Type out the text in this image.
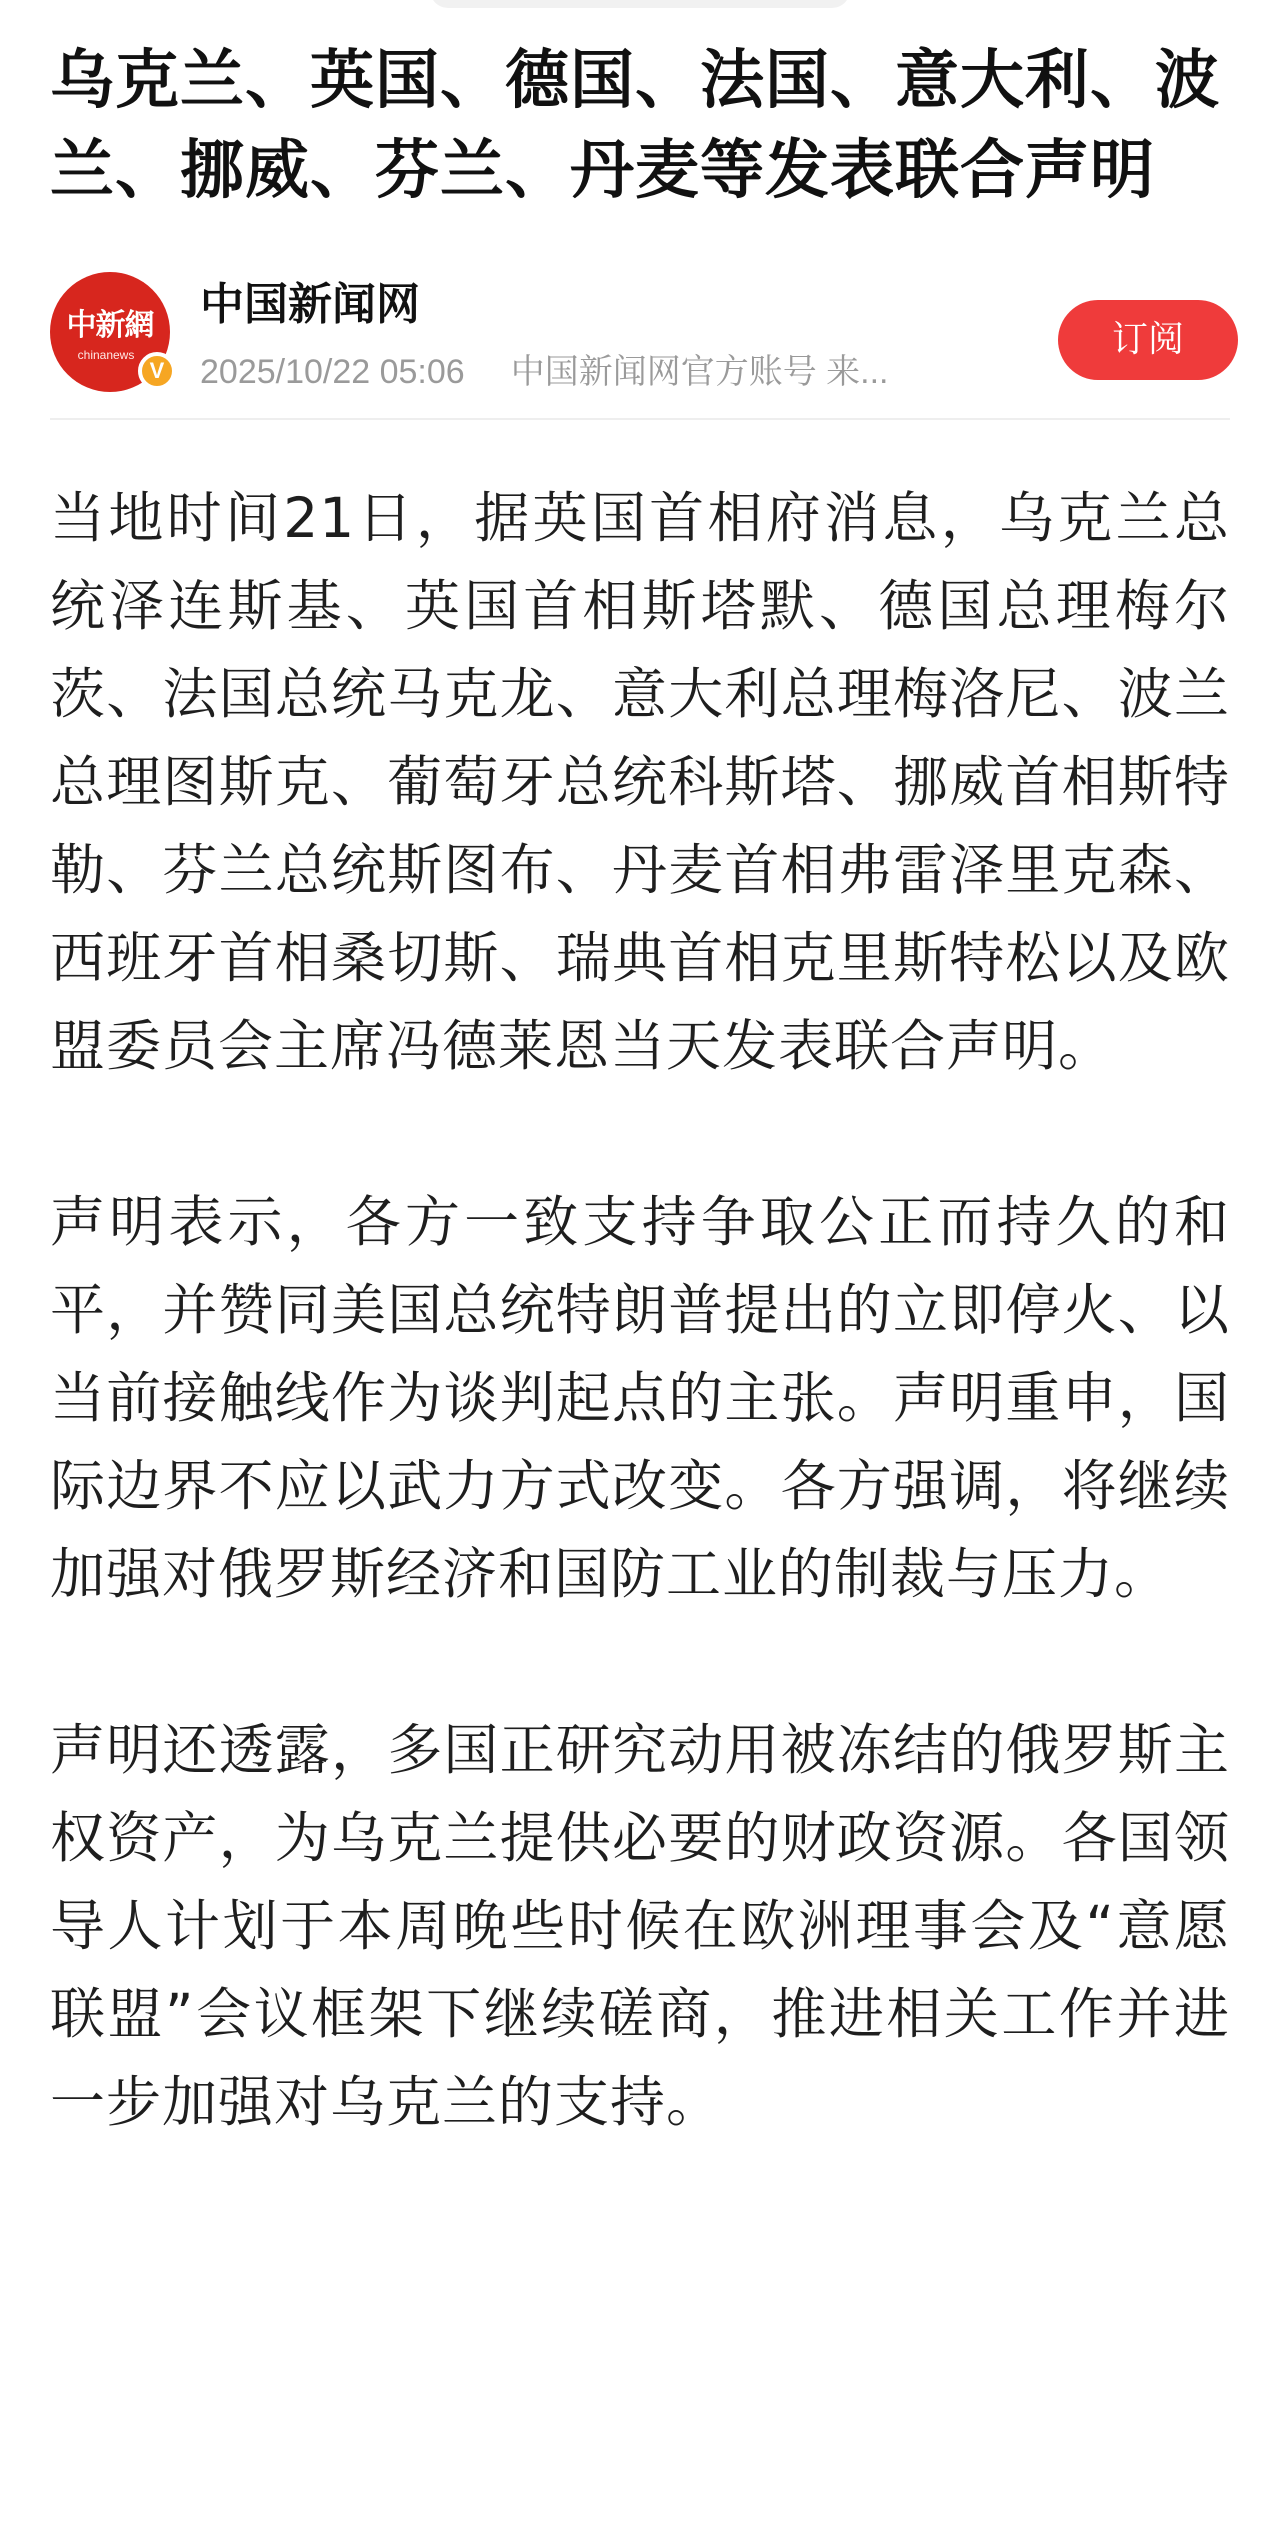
乌克兰、英国、德国、法国、意大利、波兰、挪威、芬兰、丹麦等发表联合声明
中新網
chinanews
V
中国新闻网
2025/10/22 05:06 中国新闻网官方账号 来...
订阅

当地时间21日，据英国首相府消息，乌克兰总统泽连斯基、英国首相斯塔默、德国总理梅尔茨、法国总统马克龙、意大利总理梅洛尼、波兰总理图斯克、葡萄牙总统科斯塔、挪威首相斯特勒、芬兰总统斯图布、丹麦首相弗雷泽里克森、西班牙首相桑切斯、瑞典首相克里斯特松以及欧盟委员会主席冯德莱恩当天发表联合声明。

声明表示，各方一致支持争取公正而持久的和平，并赞同美国总统特朗普提出的立即停火、以当前接触线作为谈判起点的主张。声明重申，国际边界不应以武力方式改变。各方强调，将继续加强对俄罗斯经济和国防工业的制裁与压力。

声明还透露，多国正研究动用被冻结的俄罗斯主权资产，为乌克兰提供必要的财政资源。各国领导人计划于本周晚些时候在欧洲理事会及“意愿联盟”会议框架下继续磋商，推进相关工作并进一步加强对乌克兰的支持。
